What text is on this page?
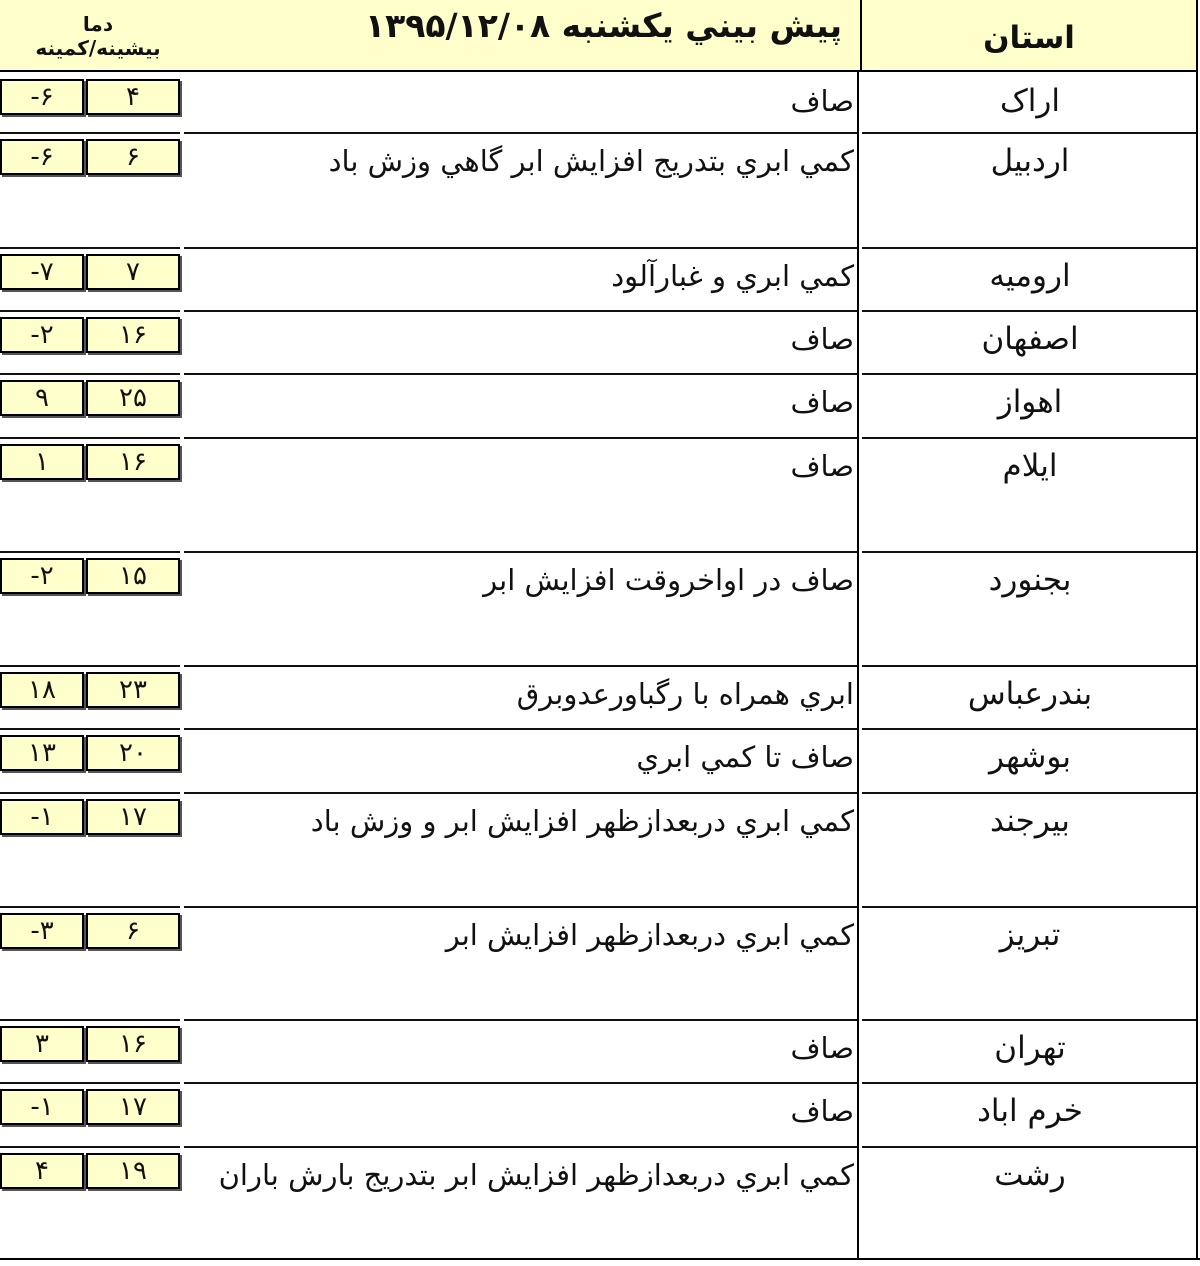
استان
پيش بيني يکشنبه ۱۳۹۵/۱۲/۰۸
دما
بیشینه/کمینه
اراک
صاف
۴
-۶
اردبيل
کمي ابري بتدريج افزايش ابر گاهي وزش باد
۶
-۶
اروميه
کمي ابري و غبارآلود
۷
-۷
اصفهان
صاف
۱۶
-۲
اهواز
صاف
۲۵
۹
ايلام
صاف
۱۶
۱
بجنورد
صاف در اواخروقت افزايش ابر
۱۵
-۲
بندرعباس
ابري همراه با رگباورعدوبرق
۲۳
۱۸
بوشهر
صاف تا کمي ابري
۲۰
۱۳
بيرجند
کمي ابري دربعدازظهر افزايش ابر و وزش باد
۱۷
-۱
تبريز
کمي ابري دربعدازظهر افزايش ابر
۶
-۳
تهران
صاف
۱۶
۳
خرم اباد
صاف
۱۷
-۱
رشت
کمي ابري دربعدازظهر افزايش ابر بتدريج بارش باران
۱۹
۴
